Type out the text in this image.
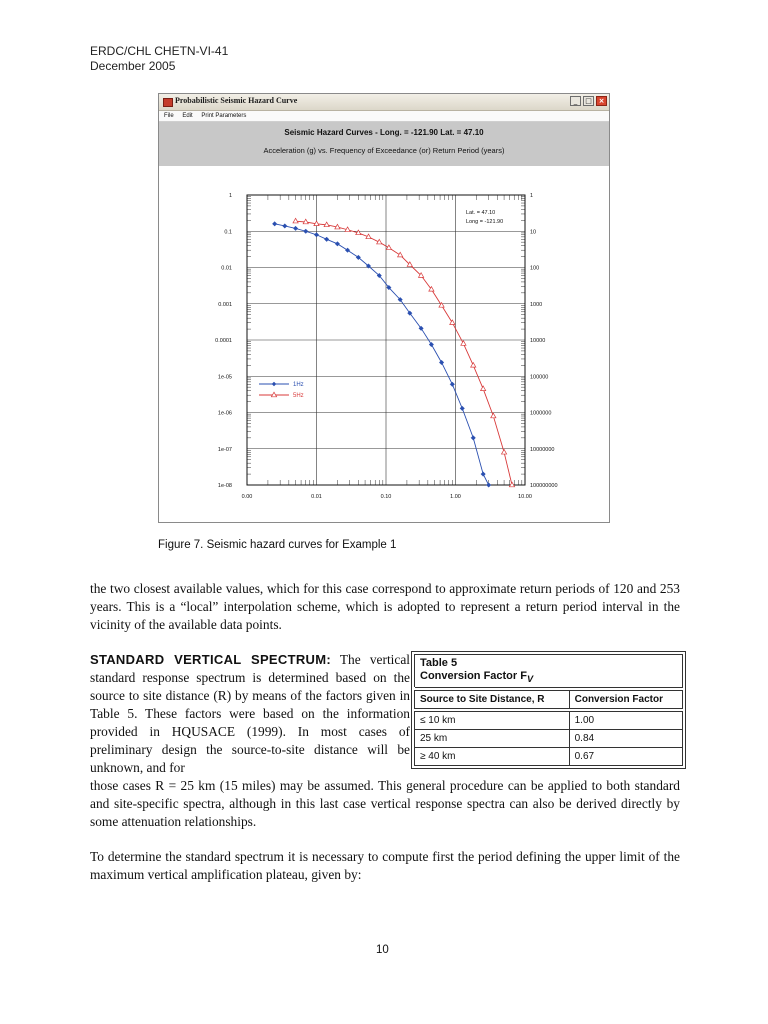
ERDC/CHL CHETN-VI-41
December 2005
Probabilistic Seismic Hazard Curve	_	□ ×
File Edit Print Parameters
Seismic Hazard Curves - Long. = -121.90 Lat. = 47.10
Acceleration (g) vs. Frequency of Exceedance (or) Return Period (years)
1
0.1
0.01
0.001
0.0001
1e-05
1e-06
1e-07
1e-08
1
10
100
1000
10000
100000
1000000
10000000
100000000
0.00	0.01	0.10	1.00	10.00
Lat. = 47.10
Long = -121.90
1Hz
5Hz
Figure 7. Seismic hazard curves for Example 1
the two closest available values, which for this case correspond to approximate return periods of 120 and 253 years. This is a “local” interpolation scheme, which is adopted to represent a return period interval in the vicinity of the available data points.
STANDARD VERTICAL SPECTRUM: The vertical standard response spectrum is determined based on the source to site distance (R) by means of the factors given in Table 5. These factors were based on the information provided in HQUSACE (1999). In most cases of preliminary design the source-to-site distance will be unknown, and for
those cases R = 25 km (15 miles) may be assumed. This general procedure can be applied to both standard and site-specific spectra, although in this last case vertical response spectra can also be derived directly by some attenuation relationships.
Table 5
Conversion Factor $F_V$

Source to Site Distance, R	Conversion Factor

≤ 10 km	1.00
25 km	0.84
≥ 40 km	0.67
To determine the standard spectrum it is necessary to compute first the period defining the upper limit of the maximum vertical amplification plateau, given by:
10
